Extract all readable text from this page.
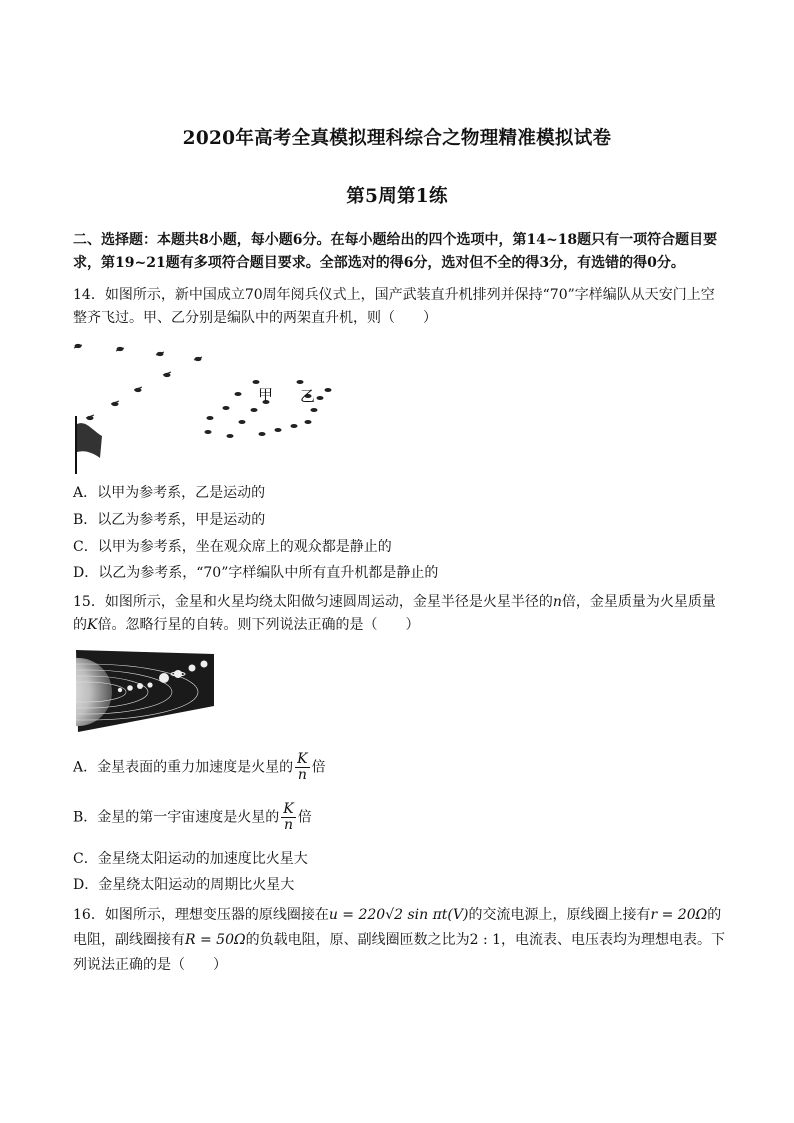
2020年高考全真模拟理科综合之物理精准模拟试卷
第5周第1练
二、选择题：本题共8小题，每小题6分。在每小题给出的四个选项中，第14~18题只有一项符合题目要求，第19~21题有多项符合题目要求。全部选对的得6分，选对但不全的得3分，有选错的得0分。
14．如图所示，新中国成立70周年阅兵仪式上，国产武装直升机排列并保持“70”字样编队从天安门上空整齐飞过。甲、乙分别是编队中的两架直升机，则（　　）
甲 乙
A．以甲为参考系，乙是运动的
B．以乙为参考系，甲是运动的
C．以甲为参考系，坐在观众席上的观众都是静止的
D．以乙为参考系，“70”字样编队中所有直升机都是静止的
15．如图所示，金星和火星均绕太阳做匀速圆周运动，金星半径是火星半径的n倍，金星质量为火星质量的K倍。忽略行星的自转。则下列说法正确的是（　　）
A．金星表面的重力加速度是火星的 $\frac{K}{n}$ 倍
B．金星的第一宇宙速度是火星的 $\frac{K}{n}$ 倍
C．金星绕太阳运动的加速度比火星大
D．金星绕太阳运动的周期比火星大
16．如图所示，理想变压器的原线圈接在u = 220√2 sin πt(V)的交流电源上，原线圈上接有r = 20Ω的电阻，副线圈接有R = 50Ω的负载电阻，原、副线圈匝数之比为2 : 1，电流表、电压表均为理想电表。下列说法正确的是（　　）
